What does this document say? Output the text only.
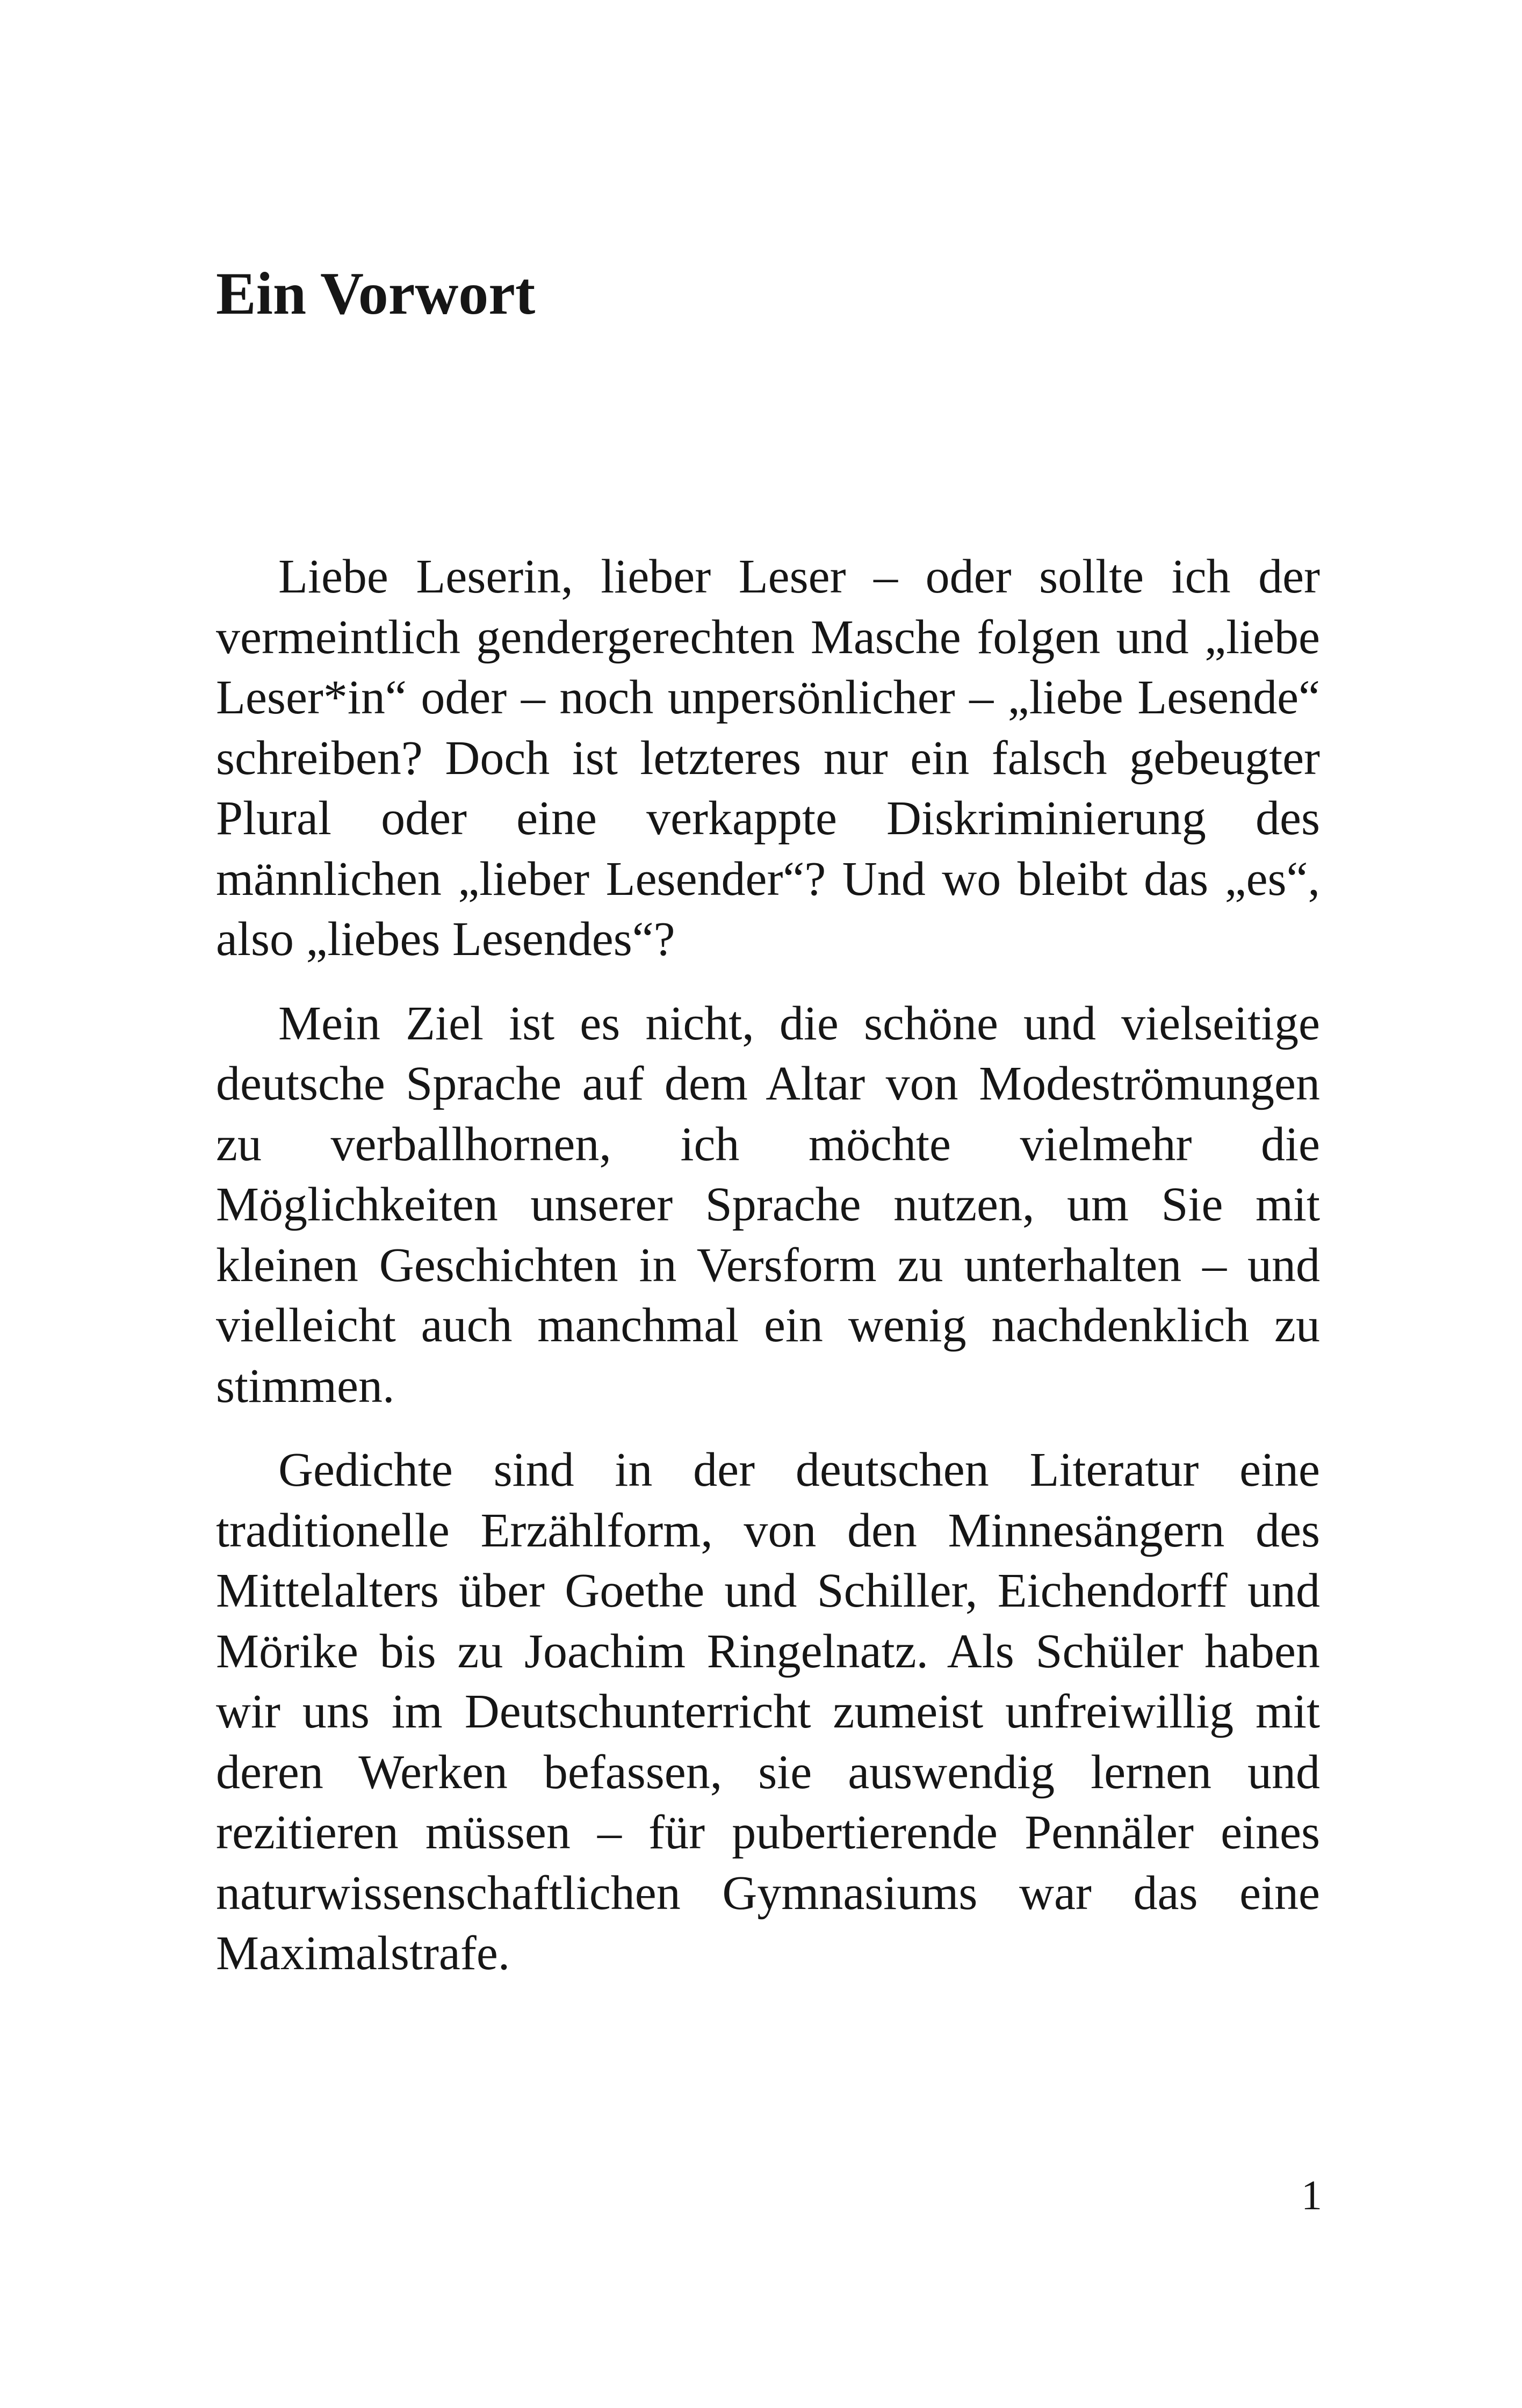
Ein Vorwort

Liebe Leserin, lieber Leser – oder sollte ich der vermeintlich gendergerechten Masche folgen und „liebe Leser*in“ oder – noch unpersönlicher – „liebe Lesende“ schreiben? Doch ist letzteres nur ein falsch gebeugter Plural oder eine verkappte Diskriminierung des männlichen „lieber Lesender“? Und wo bleibt das „es“, also „liebes Lesendes“?

Mein Ziel ist es nicht, die schöne und vielseitige deutsche Sprache auf dem Altar von Modeströmungen zu verballhornen, ich möchte vielmehr die Möglichkeiten unserer Sprache nutzen, um Sie mit kleinen Geschichten in Versform zu unterhalten – und vielleicht auch manchmal ein wenig nachdenklich zu stimmen.

Gedichte sind in der deutschen Literatur eine traditionelle Erzählform, von den Minnesängern des Mittelalters über Goethe und Schiller, Eichendorff und Mörike bis zu Joachim Ringelnatz. Als Schüler haben wir uns im Deutschunterricht zumeist unfreiwillig mit deren Werken befassen, sie auswendig lernen und rezitieren müssen – für pubertierende Pennäler eines naturwissenschaftlichen Gymnasiums war das eine Maximalstrafe.

1
